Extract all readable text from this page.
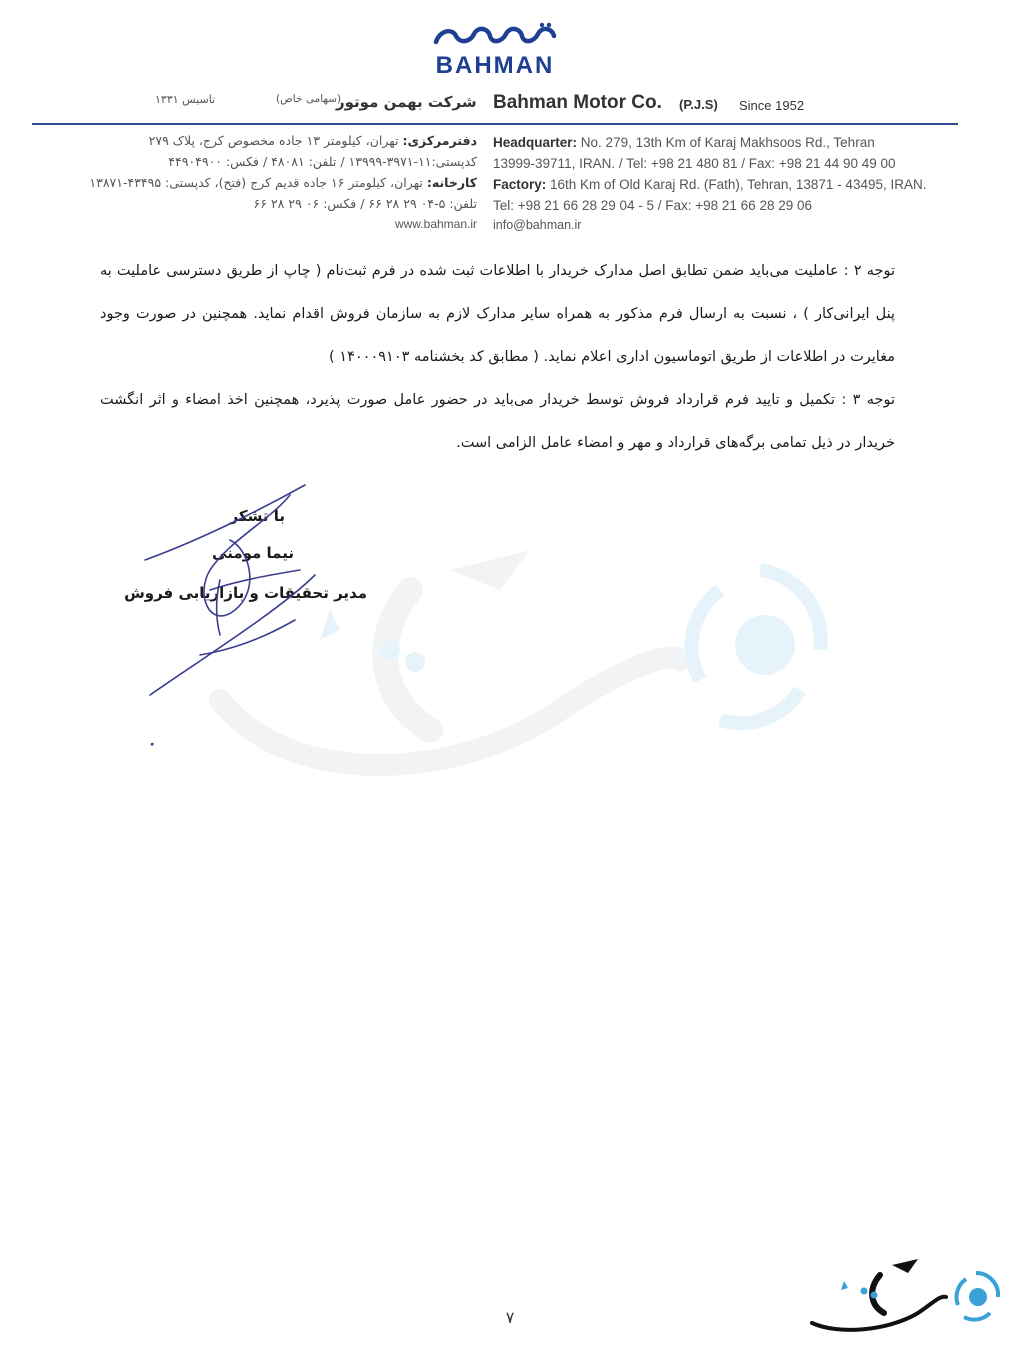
BAHMAN
شرکت بهمن موتور
(سهامی خاص)
تاسیس ۱۳۳۱	Bahman Motor Co. (P.J.S) Since 1952
دفترمرکزی: تهران، کیلومتر ۱۳ جاده مخصوص کرج، پلاک ۲۷۹
کدپستی:۱۱-۳۹۷۱-۱۳۹۹۹ / تلفن: ۴۸۰۸۱ / فکس: ۴۴۹۰۴۹۰۰
کارخانه: تهران، کیلومتر ۱۶ جاده قدیم کرج (فتح)، کدپستی: ۴۳۴۹۵-۱۳۸۷۱
تلفن: ۵-۰۴ ۲۹ ۲۸ ۶۶ / فکس: ۰۶ ۲۹ ۲۸ ۶۶
www.bahman.ir
Headquarter: No. 279, 13th Km of Karaj Makhsoos Rd., Tehran
13999-39711, IRAN. / Tel: +98 21 480 81 / Fax: +98 21 44 90 49 00
Factory: 16th Km of Old Karaj Rd. (Fath), Tehran, 13871 - 43495, IRAN.
Tel: +98 21 66 28 29 04 - 5 / Fax: +98 21 66 28 29 06
info@bahman.ir

توجه ۲ : عاملیت می‌باید ضمن تطابق اصل مدارک خریدار با اطلاعات ثبت شده در فرم ثبت‌نام ( چاپ از طریق دسترسی عاملیت به پنل ایرانی‌کار ) ، نسبت به ارسال فرم مذکور به همراه سایر مدارک لازم به سازمان فروش اقدام نماید. همچنین در صورت وجود مغایرت در اطلاعات از طریق اتوماسیون اداری اعلام نماید. ( مطابق کد بخشنامه ۱۴۰۰۰۹۱۰۳ )

توجه ۳ : تکمیل و تایید فرم قرارداد فروش توسط خریدار می‌باید در حضور عامل صورت پذیرد، همچنین اخذ امضاء و اثر انگشت خریدار در ذیل تمامی برگه‌های قرارداد و مهر و امضاء عامل الزامی است.

با تشکر
نیما مومنی
مدیر تحقیقات و بازاریابی فروش
۷
